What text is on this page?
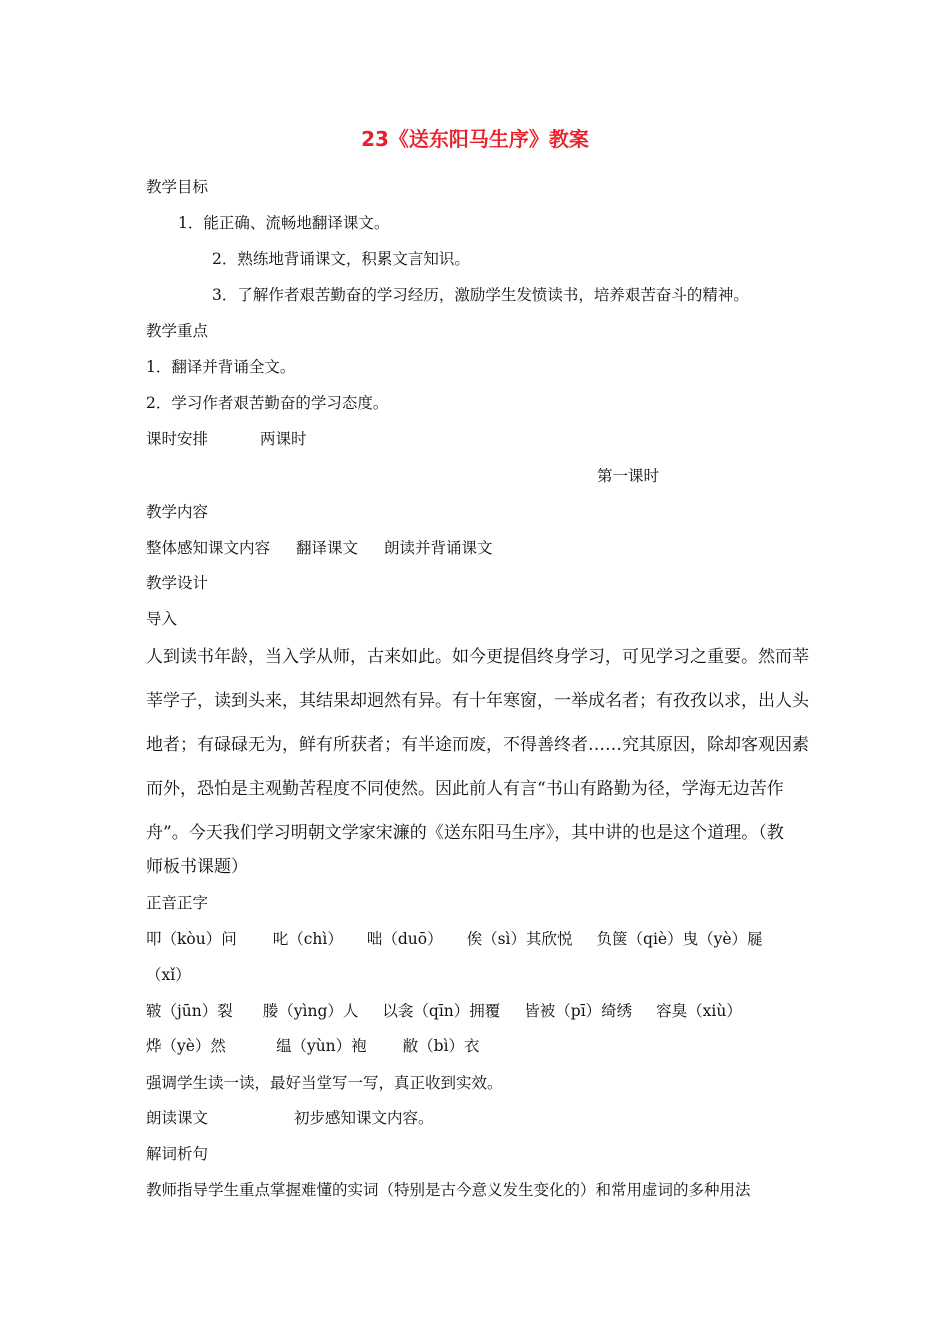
23《送东阳马生序》教案
教学目标
1．能正确、流畅地翻译课文。
2．熟练地背诵课文，积累文言知识。
3．了解作者艰苦勤奋的学习经历，激励学生发愤读书，培养艰苦奋斗的精神。
教学重点
1．翻译并背诵全文。
2．学习作者艰苦勤奋的学习态度。
课时安排	两课时
第一课时
教学内容
整体感知课文内容 翻译课文 朗读并背诵课文
教学设计
导入
人到读书年龄，当入学从师，古来如此。如今更提倡终身学习，可见学习之重要。然而莘
莘学子，读到头来，其结果却迥然有异。有十年寒窗，一举成名者；有孜孜以求，出人头
地者；有碌碌无为，鲜有所获者；有半途而废，不得善终者……究其原因，除却客观因素
而外，恐怕是主观勤苦程度不同使然。因此前人有言“书山有路勤为径，学海无边苦作
舟”。今天我们学习明朝文学家宋濂的《送东阳马生序》，其中讲的也是这个道理。（教
师板书课题）
正音正字
叩（kòu）问 叱（chì） 咄（duō） 俟（sì）其欣悦 负箧（qiè）曳（yè）屣
（xǐ）
皲（jūn）裂 媵（yìng）人 以衾（qīn）拥覆 皆被（pī）绮绣 容臭（xiù）
烨（yè）然	缊（yùn）袍 敝（bì）衣
强调学生读一读，最好当堂写一写，真正收到实效。
朗读课文	初步感知课文内容。
解词析句
教师指导学生重点掌握难懂的实词（特别是古今意义发生变化的）和常用虚词的多种用法
